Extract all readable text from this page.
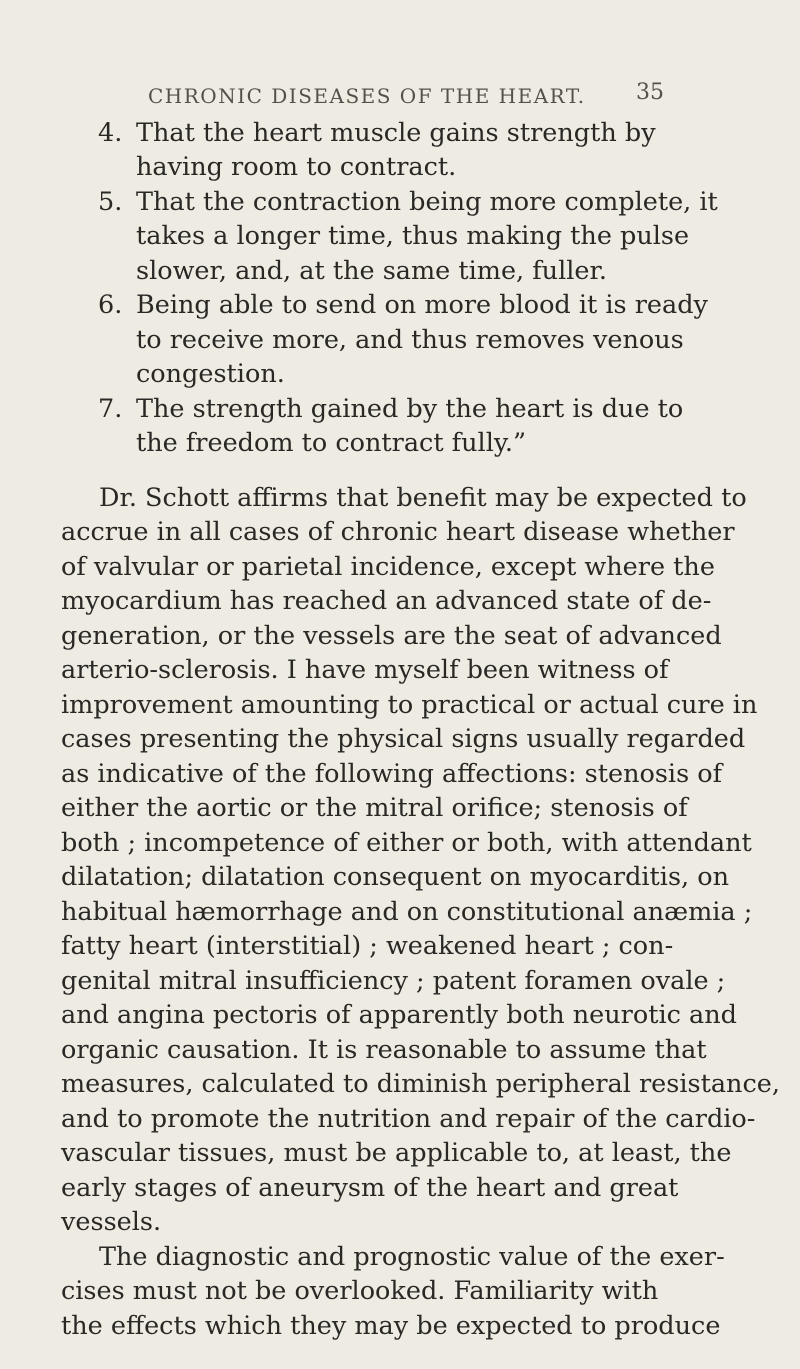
CHRONIC DISEASES OF THE HEART.	35
4. That the heart muscle gains strength by
having room to contract.
5. That the contraction being more complete, it
takes a longer time, thus making the pulse
slower, and, at the same time, fuller.
6. Being able to send on more blood it is ready
to receive more, and thus removes venous
congestion.
7. The strength gained by the heart is due to
the freedom to contract fully.”
Dr. Schott affirms that benefit may be expected to
accrue in all cases of chronic heart disease whether
of valvular or parietal incidence, except where the
myocardium has reached an advanced state of de-
generation, or the vessels are the seat of advanced
arterio-sclerosis. I have myself been witness of
improvement amounting to practical or actual cure in
cases presenting the physical signs usually regarded
as indicative of the following affections: stenosis of
either the aortic or the mitral orifice; stenosis of
both ; incompetence of either or both, with attendant
dilatation; dilatation consequent on myocarditis, on
habitual hæmorrhage and on constitutional anæmia ;
fatty heart (interstitial) ; weakened heart ; con-
genital mitral insufficiency ; patent foramen ovale ;
and angina pectoris of apparently both neurotic and
organic causation. It is reasonable to assume that
measures, calculated to diminish peripheral resistance,
and to promote the nutrition and repair of the cardio-
vascular tissues, must be applicable to, at least, the
early stages of aneurysm of the heart and great
vessels.
The diagnostic and prognostic value of the exer-
cises must not be overlooked. Familiarity with
the effects which they may be expected to produce
